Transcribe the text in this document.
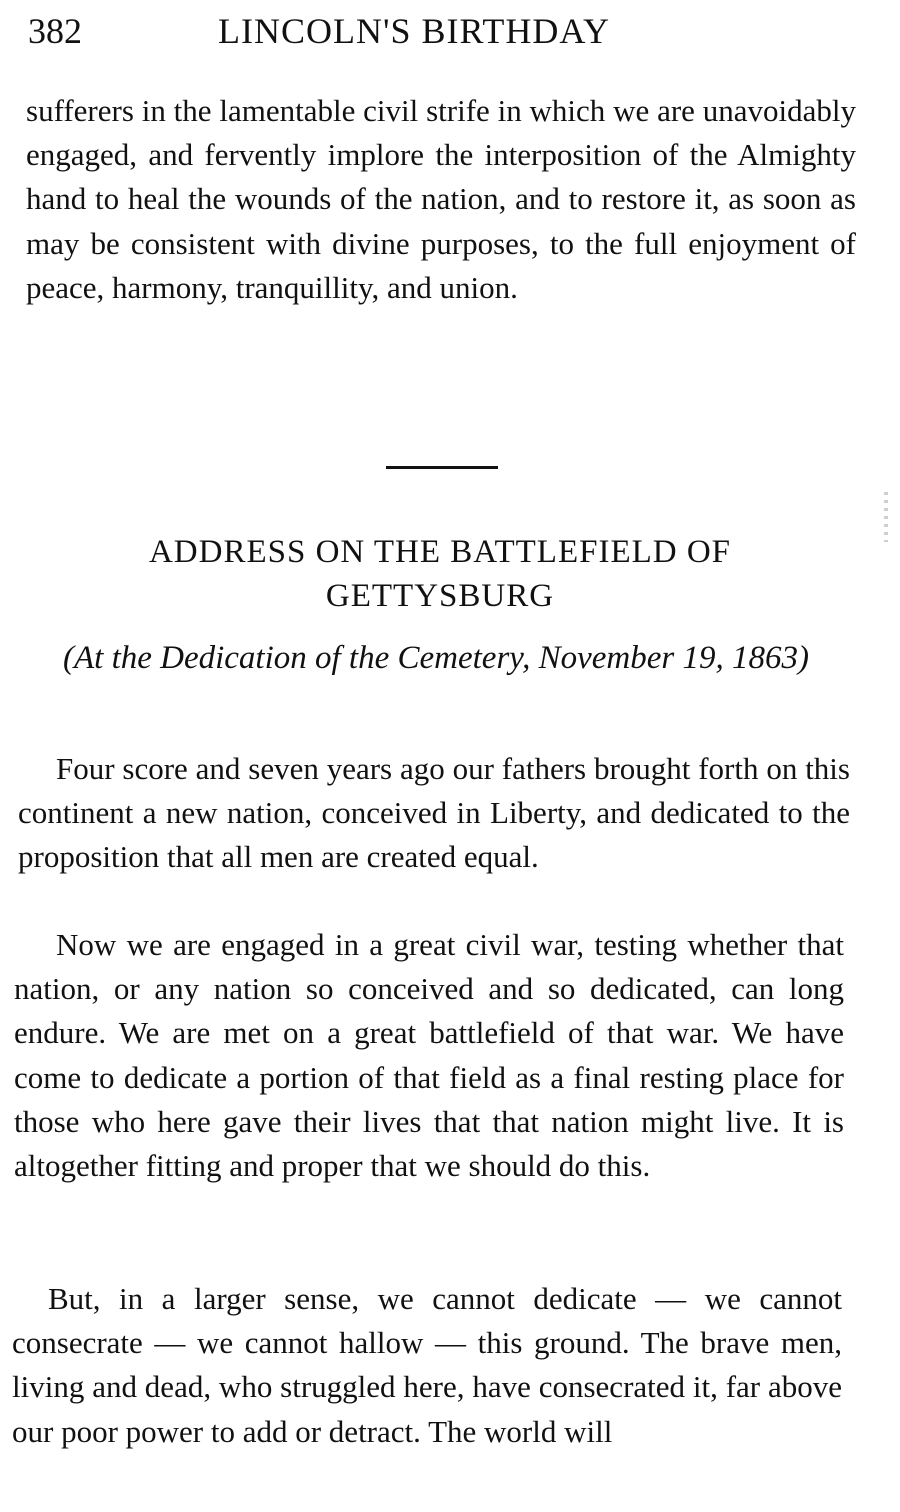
382	LINCOLN'S BIRTHDAY

sufferers in the lamentable civil strife in which we are unavoidably engaged, and fervently implore the interposition of the Almighty hand to heal the wounds of the nation, and to restore it, as soon as may be consistent with divine purposes, to the full enjoyment of peace, harmony, tranquillity, and union.

ADDRESS ON THE BATTLEFIELD OF GETTYSBURG
(At the Dedication of the Cemetery, November 19, 1863)

Four score and seven years ago our fathers brought forth on this continent a new nation, conceived in Liberty, and dedicated to the proposition that all men are created equal.

Now we are engaged in a great civil war, testing whether that nation, or any nation so conceived and so dedicated, can long endure. We are met on a great battlefield of that war. We have come to dedicate a portion of that field as a final resting place for those who here gave their lives that that nation might live. It is altogether fitting and proper that we should do this.

But, in a larger sense, we cannot dedicate — we cannot consecrate — we cannot hallow — this ground. The brave men, living and dead, who struggled here, have consecrated it, far above our poor power to add or detract. The world will
